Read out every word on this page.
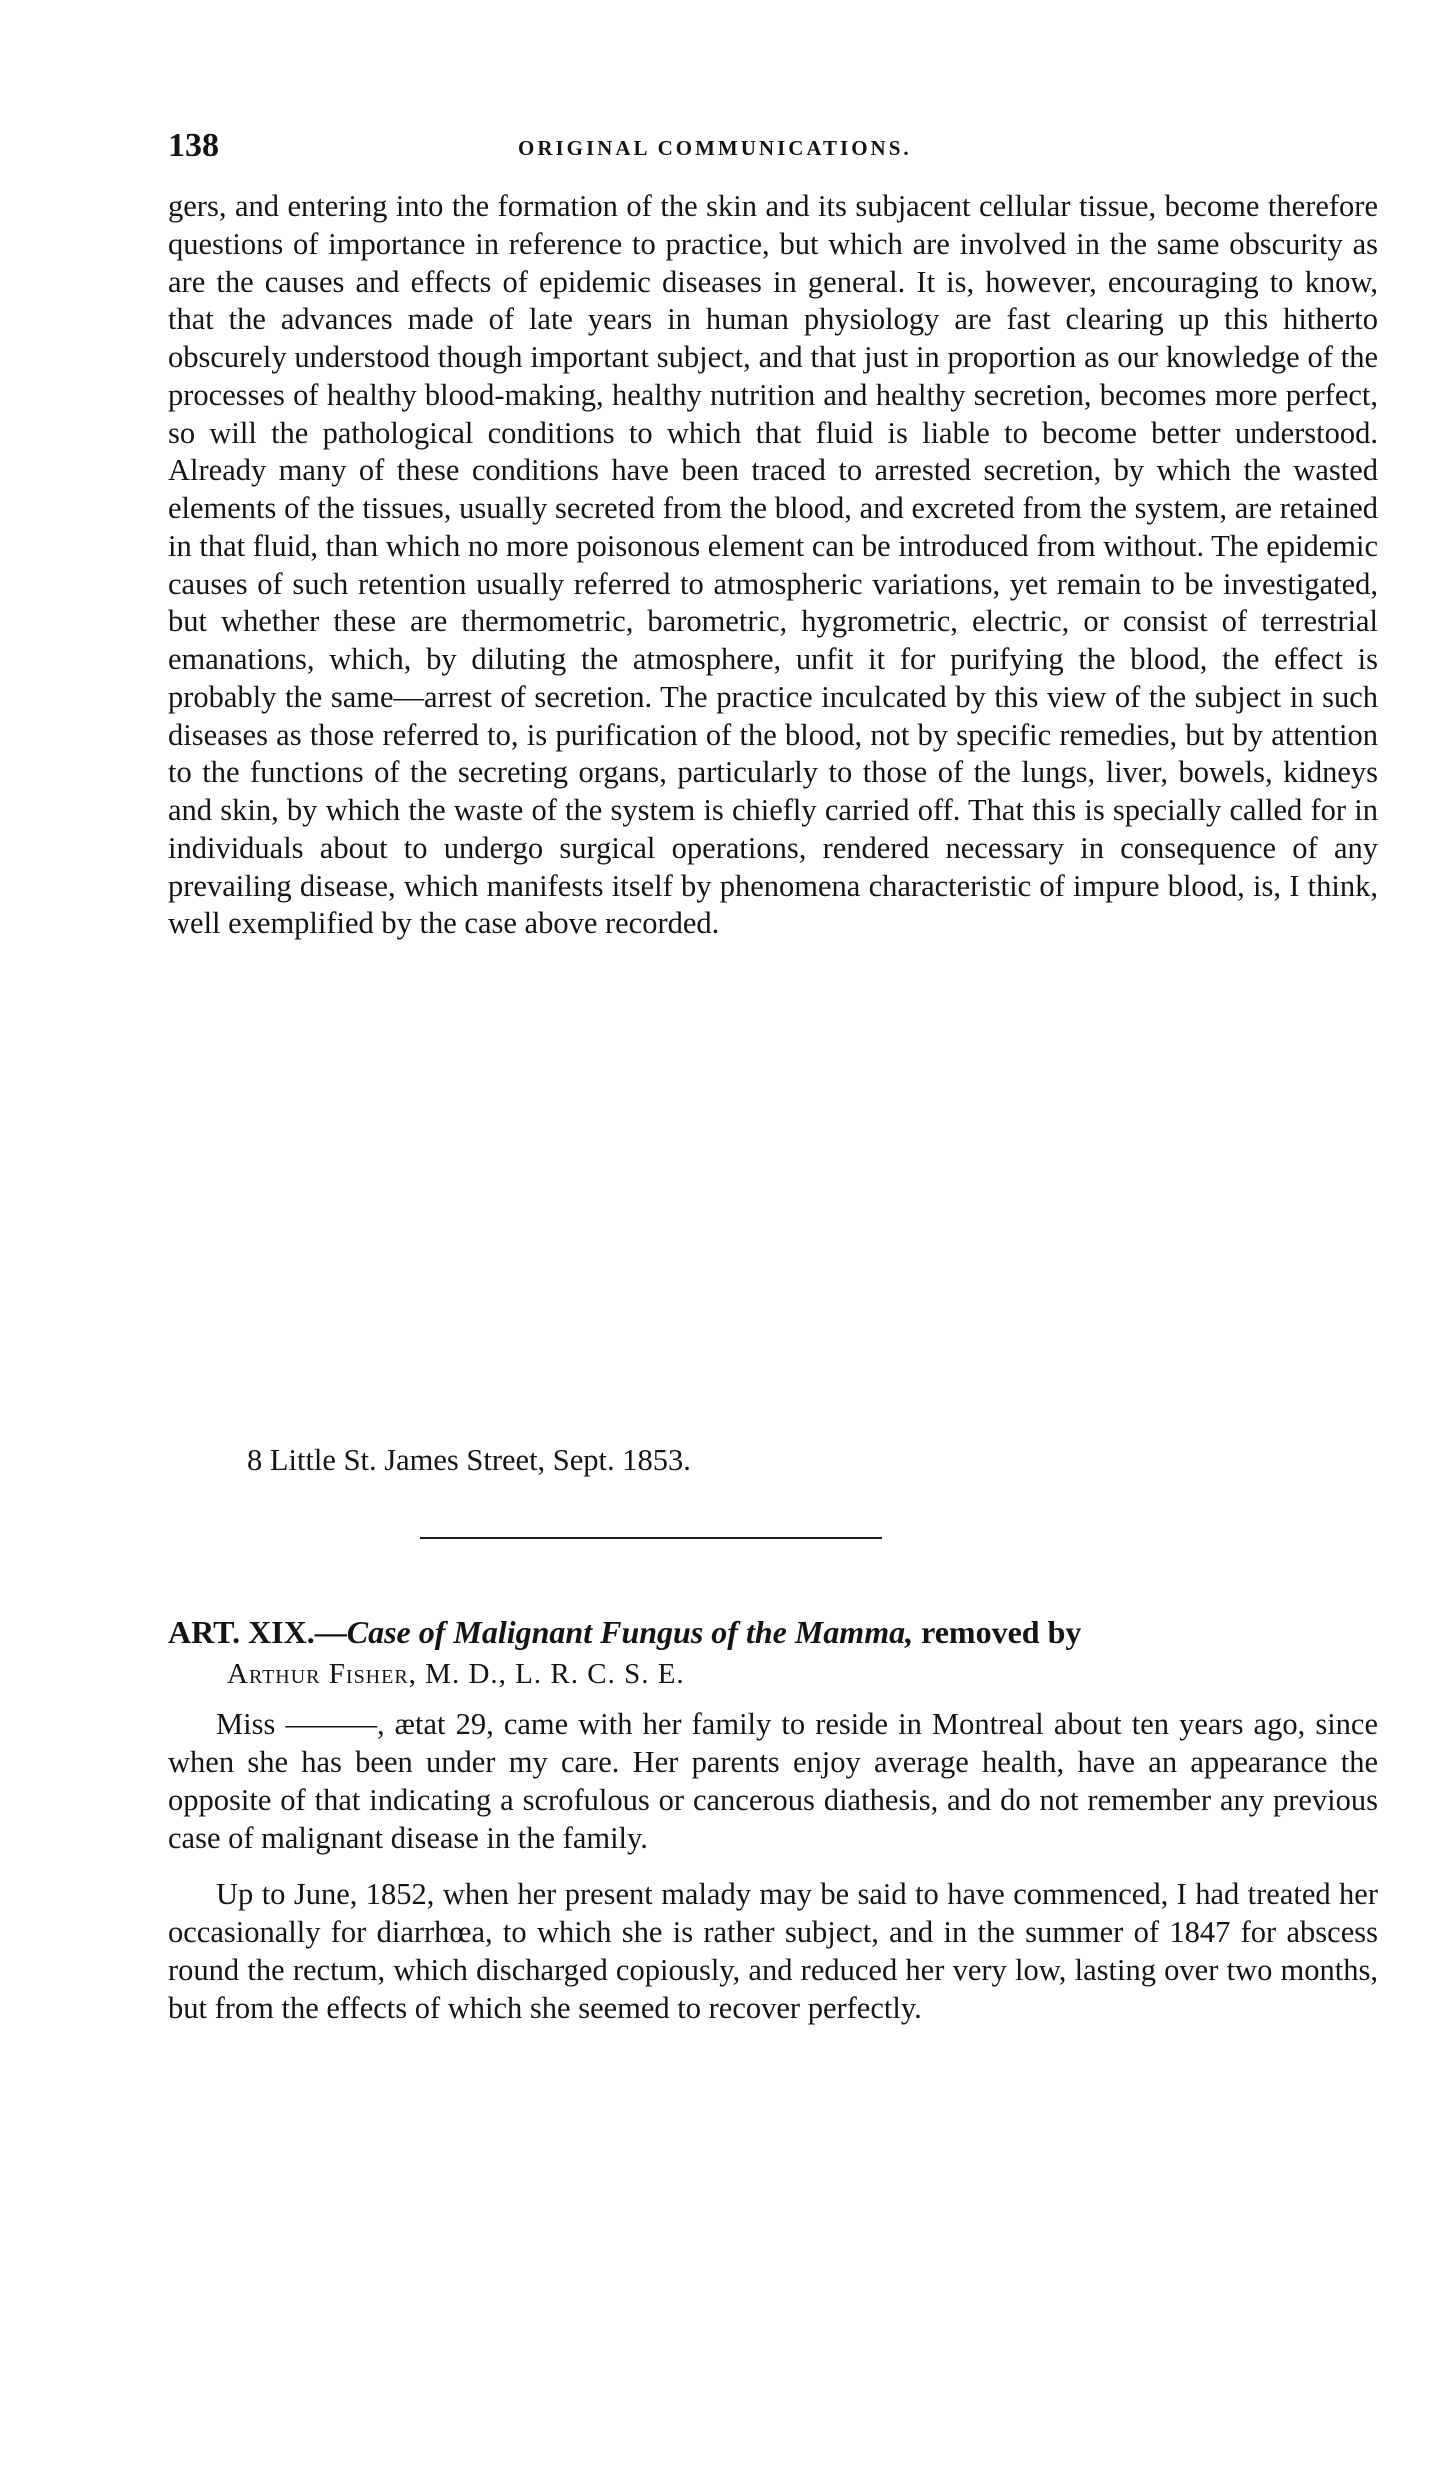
138	ORIGINAL COMMUNICATIONS.

gers, and entering into the formation of the skin and its subjacent cellular tissue, become therefore questions of importance in reference to practice, but which are involved in the same obscurity as are the causes and effects of epidemic diseases in general. It is, however, encouraging to know, that the advances made of late years in human physiology are fast clearing up this hitherto obscurely understood though important subject, and that just in proportion as our knowledge of the processes of healthy blood-making, healthy nutrition and healthy secretion, becomes more perfect, so will the pathological conditions to which that fluid is liable to become better understood. Already many of these conditions have been traced to arrested secretion, by which the wasted elements of the tissues, usually secreted from the blood, and excreted from the system, are retained in that fluid, than which no more poisonous element can be introduced from without. The epidemic causes of such retention usually referred to atmospheric variations, yet remain to be investigated, but whether these are thermometric, barometric, hygrometric, electric, or consist of terrestrial emanations, which, by diluting the atmosphere, unfit it for purifying the blood, the effect is probably the same—arrest of secretion. The practice inculcated by this view of the subject in such diseases as those referred to, is purification of the blood, not by specific remedies, but by attention to the functions of the secreting organs, particularly to those of the lungs, liver, bowels, kidneys and skin, by which the waste of the system is chiefly carried off. That this is specially called for in individuals about to undergo surgical operations, rendered necessary in consequence of any prevailing disease, which manifests itself by phenomena characteristic of impure blood, is, I think, well exemplified by the case above recorded.

8 Little St. James Street, Sept. 1853.

ART. XIX.—Case of Malignant Fungus of the Mamma, removed by

Arthur Fisher, M. D., L. R. C. S. E.

Miss ———, ætat 29, came with her family to reside in Montreal about ten years ago, since when she has been under my care. Her parents enjoy average health, have an appearance the opposite of that indicating a scrofulous or cancerous diathesis, and do not remember any previous case of malignant disease in the family.

Up to June, 1852, when her present malady may be said to have commenced, I had treated her occasionally for diarrhœa, to which she is rather subject, and in the summer of 1847 for abscess round the rectum, which discharged copiously, and reduced her very low, lasting over two months, but from the effects of which she seemed to recover perfectly.
